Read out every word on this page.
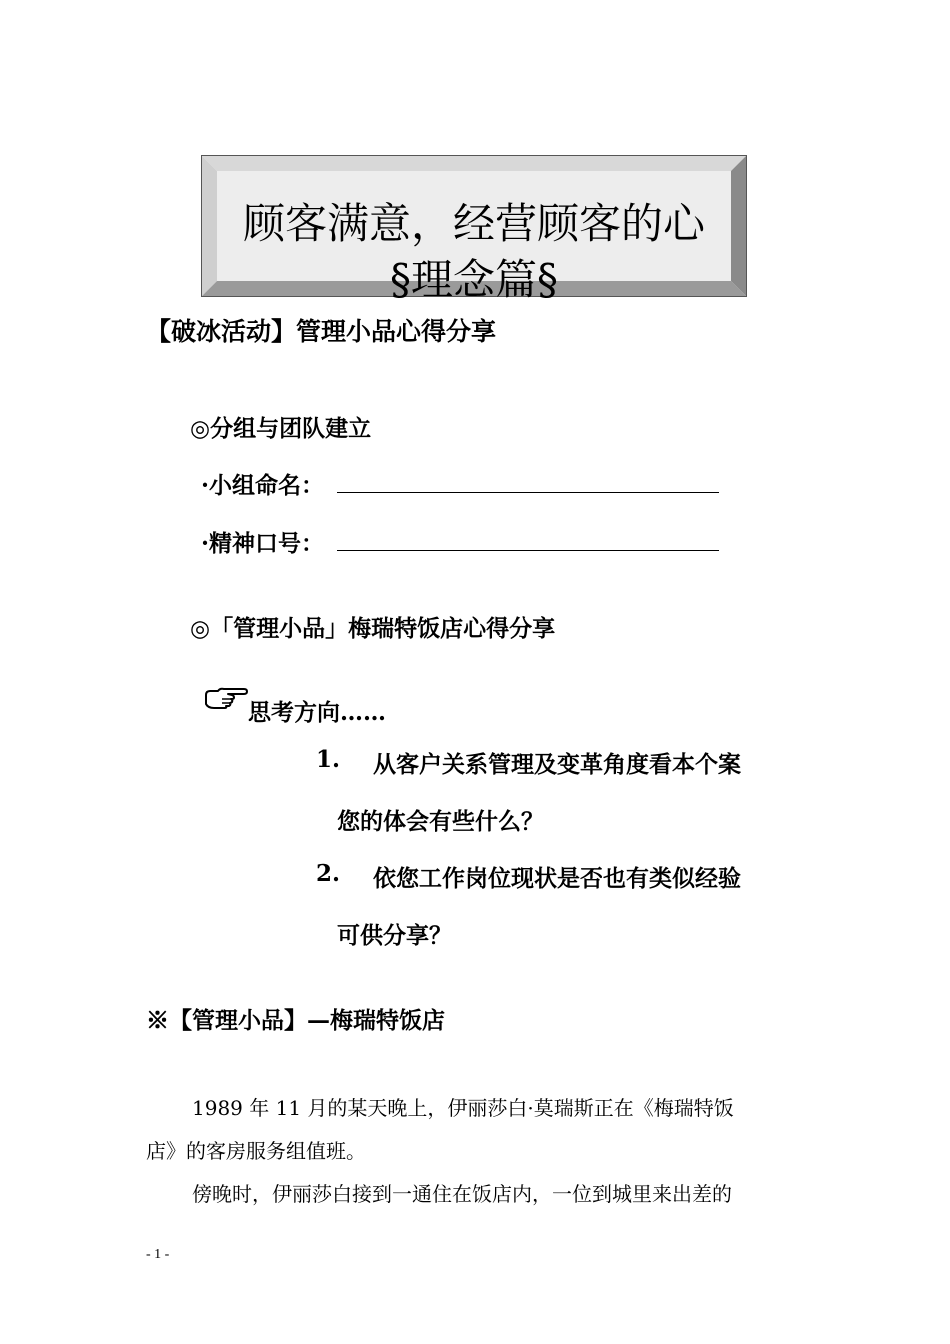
顾客满意，经营顾客的心
§理念篇§
【破冰活动】管理小品心得分享
◎分组与团队建立
·小组命名：
·精神口号：
◎「管理小品」梅瑞特饭店心得分享
思考方向……
1. 从客户关系管理及变革角度看本个案
您的体会有些什么？
2. 依您工作岗位现状是否也有类似经验
可供分享？
※【管理小品】—梅瑞特饭店
1989 年 11 月的某天晚上，伊丽莎白·莫瑞斯正在《梅瑞特饭
店》的客房服务组值班。
傍晚时，伊丽莎白接到一通住在饭店内，一位到城里来出差的
- 1 -
